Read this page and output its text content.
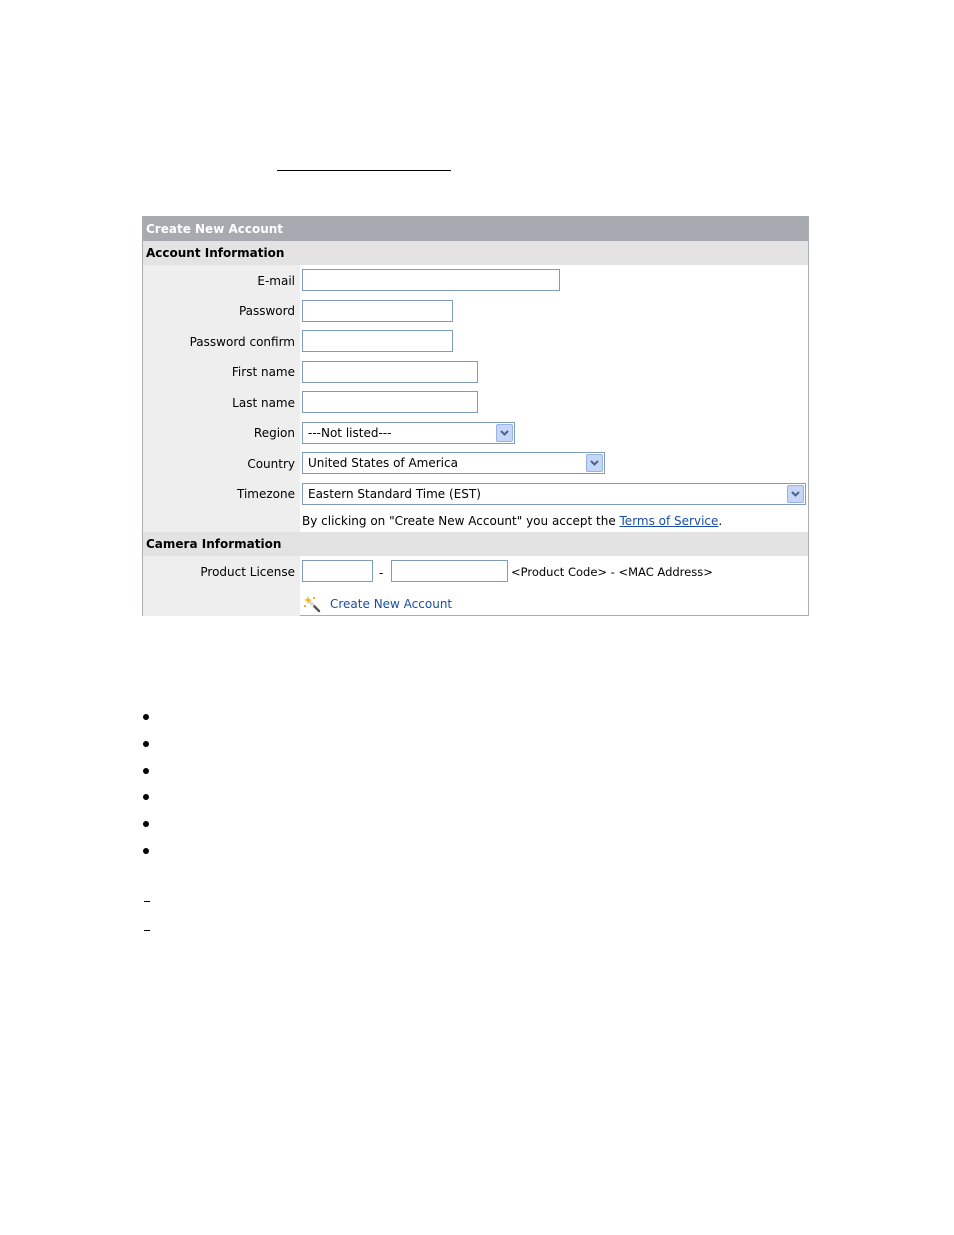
Create New Account
Account Information
E-mail
Password
Password confirm
First name
Last name
Region ---Not listed---
Country United States of America
Timezone Eastern Standard Time (EST)
By clicking on "Create New Account" you accept the Terms of Service.
Camera Information
Product License	-	<Product Code> - <MAC Address>
Create New Account
